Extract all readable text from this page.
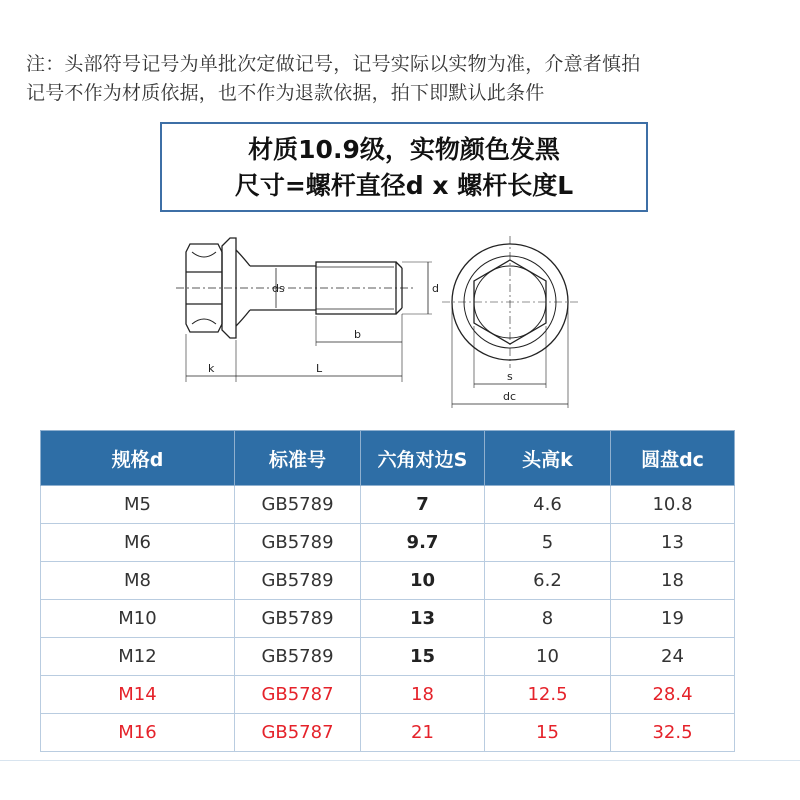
注：头部符号记号为单批次定做记号，记号实际以实物为准，介意者慎拍
记号不作为材质依据，也不作为退款依据，拍下即默认此条件
材质10.9级，实物颜色发黑
尺寸=螺杆直径d x 螺杆长度L
ds	d
b
k	L
s
dc
规格d	标准号	六角对边S	头高k	圆盘dc
M5	GB5789	7	4.6	10.8
M6	GB5789	9.7	5	13
M8	GB5789	10	6.2	18
M10	GB5789	13	8	19
M12	GB5789	15	10	24
M14	GB5787	18	12.5	28.4
M16	GB5787	21	15	32.5
